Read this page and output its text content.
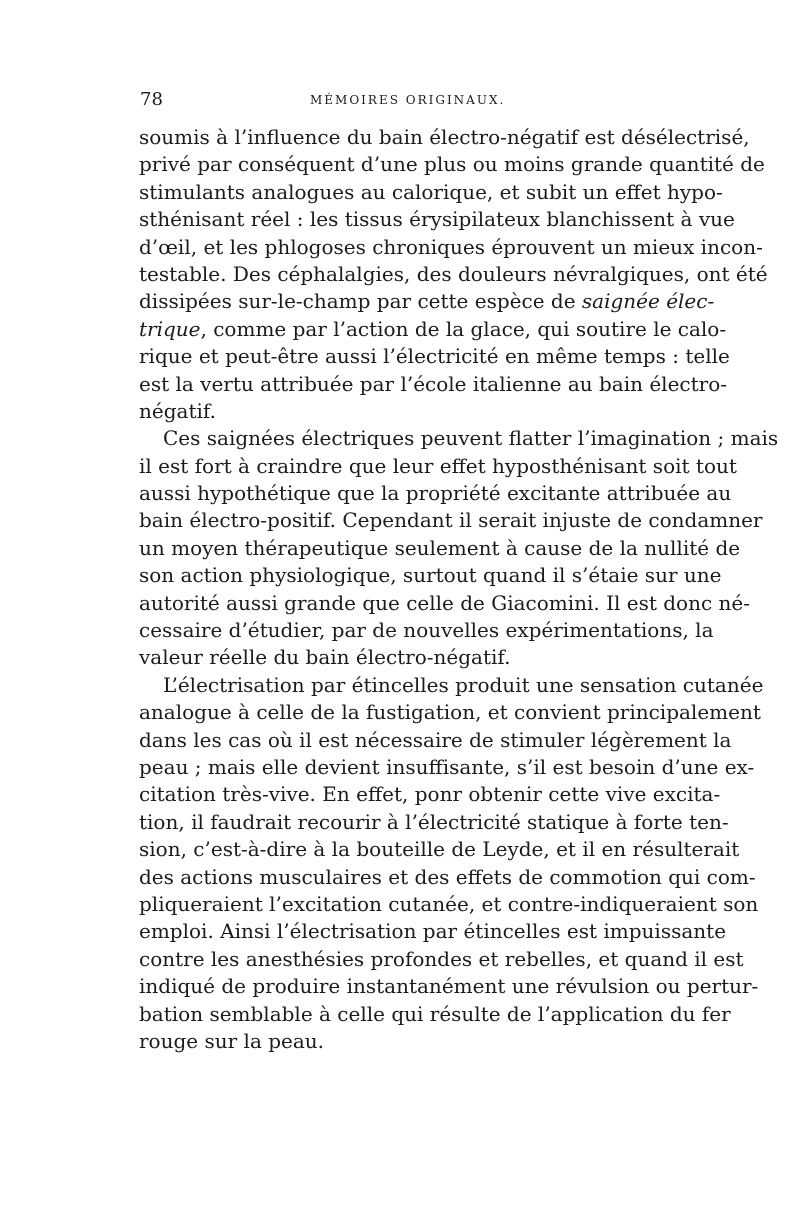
78	MÉMOIRES ORIGINAUX.
soumis à l’influence du bain électro-négatif est désélectrisé,
privé par conséquent d’une plus ou moins grande quantité de
stimulants analogues au calorique, et subit un effet hypo-
sthénisant réel : les tissus érysipilateux blanchissent à vue
d’œil, et les phlogoses chroniques éprouvent un mieux incon-
testable. Des céphalalgies, des douleurs névralgiques, ont été
dissipées sur-le-champ par cette espèce de saignée élec-
trique, comme par l’action de la glace, qui soutire le calo-
rique et peut-être aussi l’électricité en même temps : telle
est la vertu attribuée par l’école italienne au bain électro-
négatif.
Ces saignées électriques peuvent flatter l’imagination ; mais
il est fort à craindre que leur effet hyposthénisant soit tout
aussi hypothétique que la propriété excitante attribuée au
bain électro-positif. Cependant il serait injuste de condamner
un moyen thérapeutique seulement à cause de la nullité de
son action physiologique, surtout quand il s’étaie sur une
autorité aussi grande que celle de Giacomini. Il est donc né-
cessaire d’étudier, par de nouvelles expérimentations, la
valeur réelle du bain électro-négatif.
L’électrisation par étincelles produit une sensation cutanée
analogue à celle de la fustigation, et convient principalement
dans les cas où il est nécessaire de stimuler légèrement la
peau ; mais elle devient insuffisante, s’il est besoin d’une ex-
citation très-vive. En effet, ponr obtenir cette vive excita-
tion, il faudrait recourir à l’électricité statique à forte ten-
sion, c’est-à-dire à la bouteille de Leyde, et il en résulterait
des actions musculaires et des effets de commotion qui com-
pliqueraient l’excitation cutanée, et contre-indiqueraient son
emploi. Ainsi l’électrisation par étincelles est impuissante
contre les anesthésies profondes et rebelles, et quand il est
indiqué de produire instantanément une révulsion ou pertur-
bation semblable à celle qui résulte de l’application du fer
rouge sur la peau.
